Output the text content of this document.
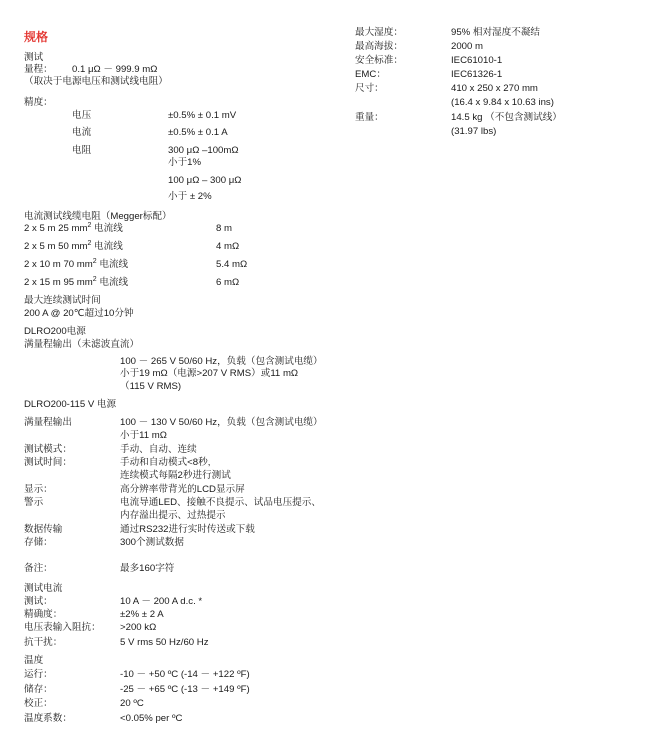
规格
测试
量程： 0.1 μΩ － 999.9 mΩ
（取决于电源电压和测试线电阻）
精度：
电压	±0.5% ± 0.1 mV
电流	±0.5% ± 0.1 A
电阻	300 μΩ –100mΩ
小于1%
100 μΩ – 300 μΩ
小于 ± 2%
电流测试线缆电阻（Megger标配）
2 x 5 m 25 $mm^2$ 电流线	8 m
2 x 5 m 50 $mm^2$ 电流线	4 mΩ
2 x 10 m 70 $mm^2$ 电流线	5.4 mΩ
2 x 15 m 95 $mm^2$ 电流线	6 mΩ
最大连续测试时间
200 A @ 20℃超过10分钟
DLRO200电源
满量程输出（未滤波直流）
100 － 265 V 50/60 Hz，负载（包含测试电缆）
小于19 mΩ（电源>207 V RMS）或11 mΩ
（115 V RMS)
DLRO200-115 V 电源
满量程输出	100 － 130 V 50/60 Hz，负载（包含测试电缆）
小于11 mΩ
测试模式：	手动、自动、连续
测试时间：	手动和自动模式<8秒,
连续模式每隔2秒进行测试
显示：	高分辨率带背光的LCD显示屏
警示	电流导通LED、接触不良提示、试品电压提示、
内存溢出提示、过热提示
数据传输	通过RS232进行实时传送或下载
存储：	300个测试数据
备注：	最多160字符
测试电流
测试：	10 A － 200 A d.c. *
精确度：	±2% ± 2 A
电压表输入阻抗： >200 kΩ
抗干扰：	5 V rms 50 Hz/60 Hz
温度
运行：	-10 － +50 ºC (-14 － +122 ºF)
储存：	-25 － +65 ºC (-13 － +149 ºF)
校正：	20 ºC
温度系数：	<0.05% per ºC
最大湿度：	95% 相对湿度不凝结
最高海拔：	2000 m
安全标准：	IEC61010-1
EMC：	IEC61326-1
尺寸：	410 x 250 x 270 mm
(16.4 x 9.84 x 10.63 ins)
重量：	14.5 kg （不包含测试线）
(31.97 lbs)
